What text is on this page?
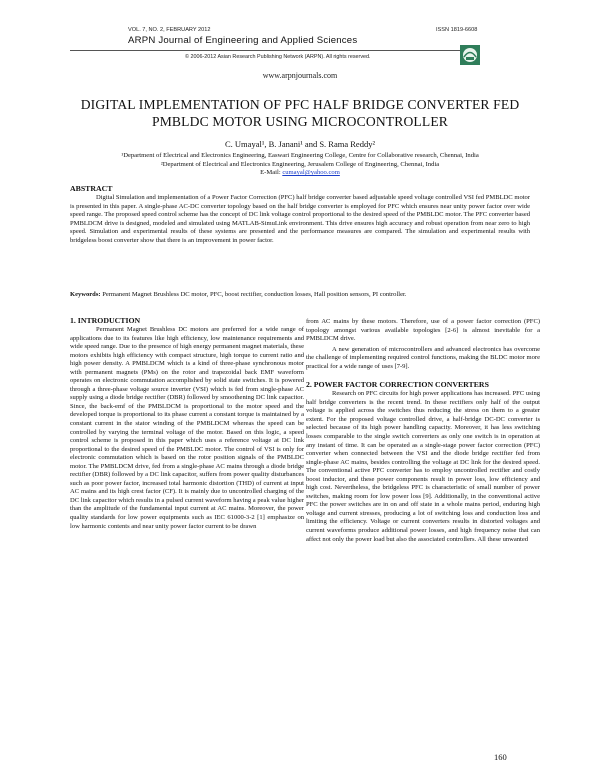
VOL. 7, NO. 2, FEBRUARY 2012	ISSN 1819-6608
ARPN Journal of Engineering and Applied Sciences
© 2006-2012 Asian Research Publishing Network (ARPN). All rights reserved.
www.arpnjournals.com
DIGITAL IMPLEMENTATION OF PFC HALF BRIDGE CONVERTER FED
PMBLDC MOTOR USING MICROCONTROLLER
C. Umayal¹, B. Janani¹ and S. Rama Reddy²
¹Department of Electrical and Electronics Engineering, Easwari Engineering College, Centre for Collaborative research, Chennai, India
²Department of Electrical and Electronics Engineering, Jerusalem College of Engineering, Chennai, India
E-Mail: cumayal@yahoo.com
ABSTRACT

Digital Simulation and implementation of a Power Factor Correction (PFC) half bridge converter based adjustable speed voltage controlled VSI fed PMBLDC motor is presented in this paper. A single-phase AC-DC converter topology based on the half bridge converter is employed for PFC which ensures near unity power factor over wide speed range. The proposed speed control scheme has the concept of DC link voltage control proportional to the desired speed of the PMBLDC motor. The PFC converter based PMBLDCM drive is designed, modeled and simulated using MATLAB-SimuLink environment. This drive ensures high accuracy and robust operation from near zero to high speed. Simulation and experimental results of these systems are presented and the performance measures are compared. The simulation and experimental results with bridgeless boost converter show that there is an improvement in power factor.

Keywords: Permanent Magnet Brushless DC motor, PFC, boost rectifier, conduction losses, Hall position sensors, PI controller.

1. INTRODUCTION

Permanent Magnet Brushless DC motors are preferred for a wide range of applications due to its features like high efficiency, low maintenance requirements and wide speed range. Due to the presence of high energy permanent magnet materials, these motors exhibits high efficiency with compact structure, high torque to current ratio and high power density. A PMBLDCM which is a kind of three-phase synchronous motor with permanent magnets (PMs) on the rotor and trapezoidal back EMF waveform operates on electronic commutation accomplished by solid state switches. It is powered through a three-phase voltage source inverter (VSI) which is fed from single-phase AC supply using a diode bridge rectifier (DBR) followed by smoothening DC link capacitor. Since, the back-emf of the PMBLDCM is proportional to the motor speed and the developed torque is proportional to its phase current a constant torque is maintained by a constant current in the stator winding of the PMBLDCM whereas the speed can be controlled by varying the terminal voltage of the motor. Based on this logic, a speed control scheme is proposed in this paper which uses a reference voltage at DC link proportional to the desired speed of the PMBLDC motor. The control of VSI is only for electronic commutation which is based on the rotor position signals of the PMBLDC motor. The PMBLDCM drive, fed from a single-phase AC mains through a diode bridge rectifier (DBR) followed by a DC link capacitor, suffers from power quality disturbances such as poor power factor, increased total harmonic distortion (THD) of current at input AC mains and its high crest factor (CF). It is mainly due to uncontrolled charging of the DC link capacitor which results in a pulsed current waveform having a peak value higher than the amplitude of the fundamental input current at AC mains. Moreover, the power quality standards for low power equipments such as IEC 61000-3-2 [1] emphasize on low harmonic contents and near unity power factor current to be drawn

from AC mains by these motors. Therefore, use of a power factor correction (PFC) topology amongst various available topologies [2-6] is almost inevitable for a PMBLDCM drive.

A new generation of microcontrollers and advanced electronics has overcome the challenge of implementing required control functions, making the BLDC motor more practical for a wide range of uses [7-9].

2. POWER FACTOR CORRECTION CONVERTERS

Research on PFC circuits for high power applications has increased. PFC using half bridge converters is the recent trend. In these rectifiers only half of the output voltage is applied across the switches thus reducing the stress on them to a greater extent. For the proposed voltage controlled drive, a half-bridge DC-DC converter is selected because of its high power handling capacity. Moreover, it has less switching losses comparable to the single switch converters as only one switch is in operation at any instant of time. It can be operated as a single-stage power factor correction (PFC) converter when connected between the VSI and the diode bridge rectifier fed from single-phase AC mains, besides controlling the voltage at DC link for the desired speed. The conventional active PFC converter has to employ uncontrolled rectifier and costly boost inductor, and these power components result in power loss, low efficiency and high cost. Nevertheless, the bridgeless PFC is characteristic of small number of power switches, making room for low power loss [9]. Additionally, in the conventional active PFC the power switches are in on and off state in a whole mains period, enduring high voltage and current stresses, producing a lot of switching loss and conduction loss and limiting the efficiency. Voltage or current converters results in distorted voltages and current waveforms produce additional power losses, and high frequency noise that can affect not only the power load but also the associated controllers. All these unwanted

160
